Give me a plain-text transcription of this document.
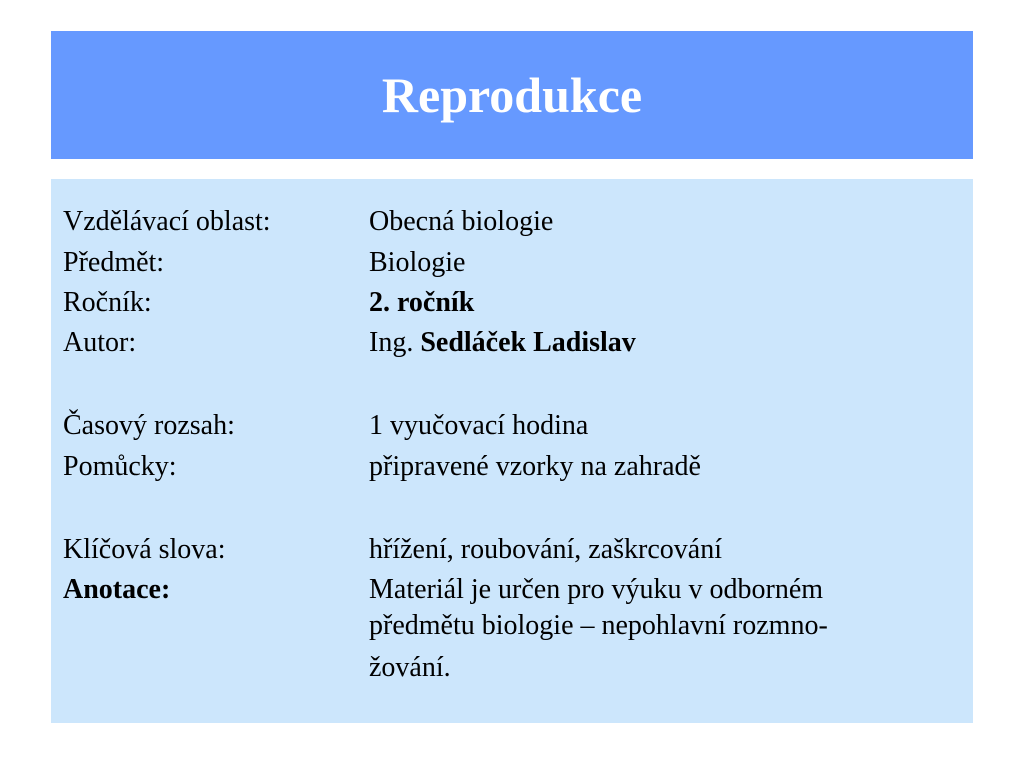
Reprodukce
Vzdělávací oblast:	Obecná biologie
Předmět:	Biologie
Ročník:	2. ročník
Autor:	Ing. Sedláček Ladislav
Časový rozsah:	1 vyučovací hodina
Pomůcky:	připravené vzorky na zahradě
Klíčová slova:	hřížení, roubování, zaškrcování
Anotace:	Materiál je určen pro výuku v odborném
předmětu biologie – nepohlavní rozmno-
žování.
